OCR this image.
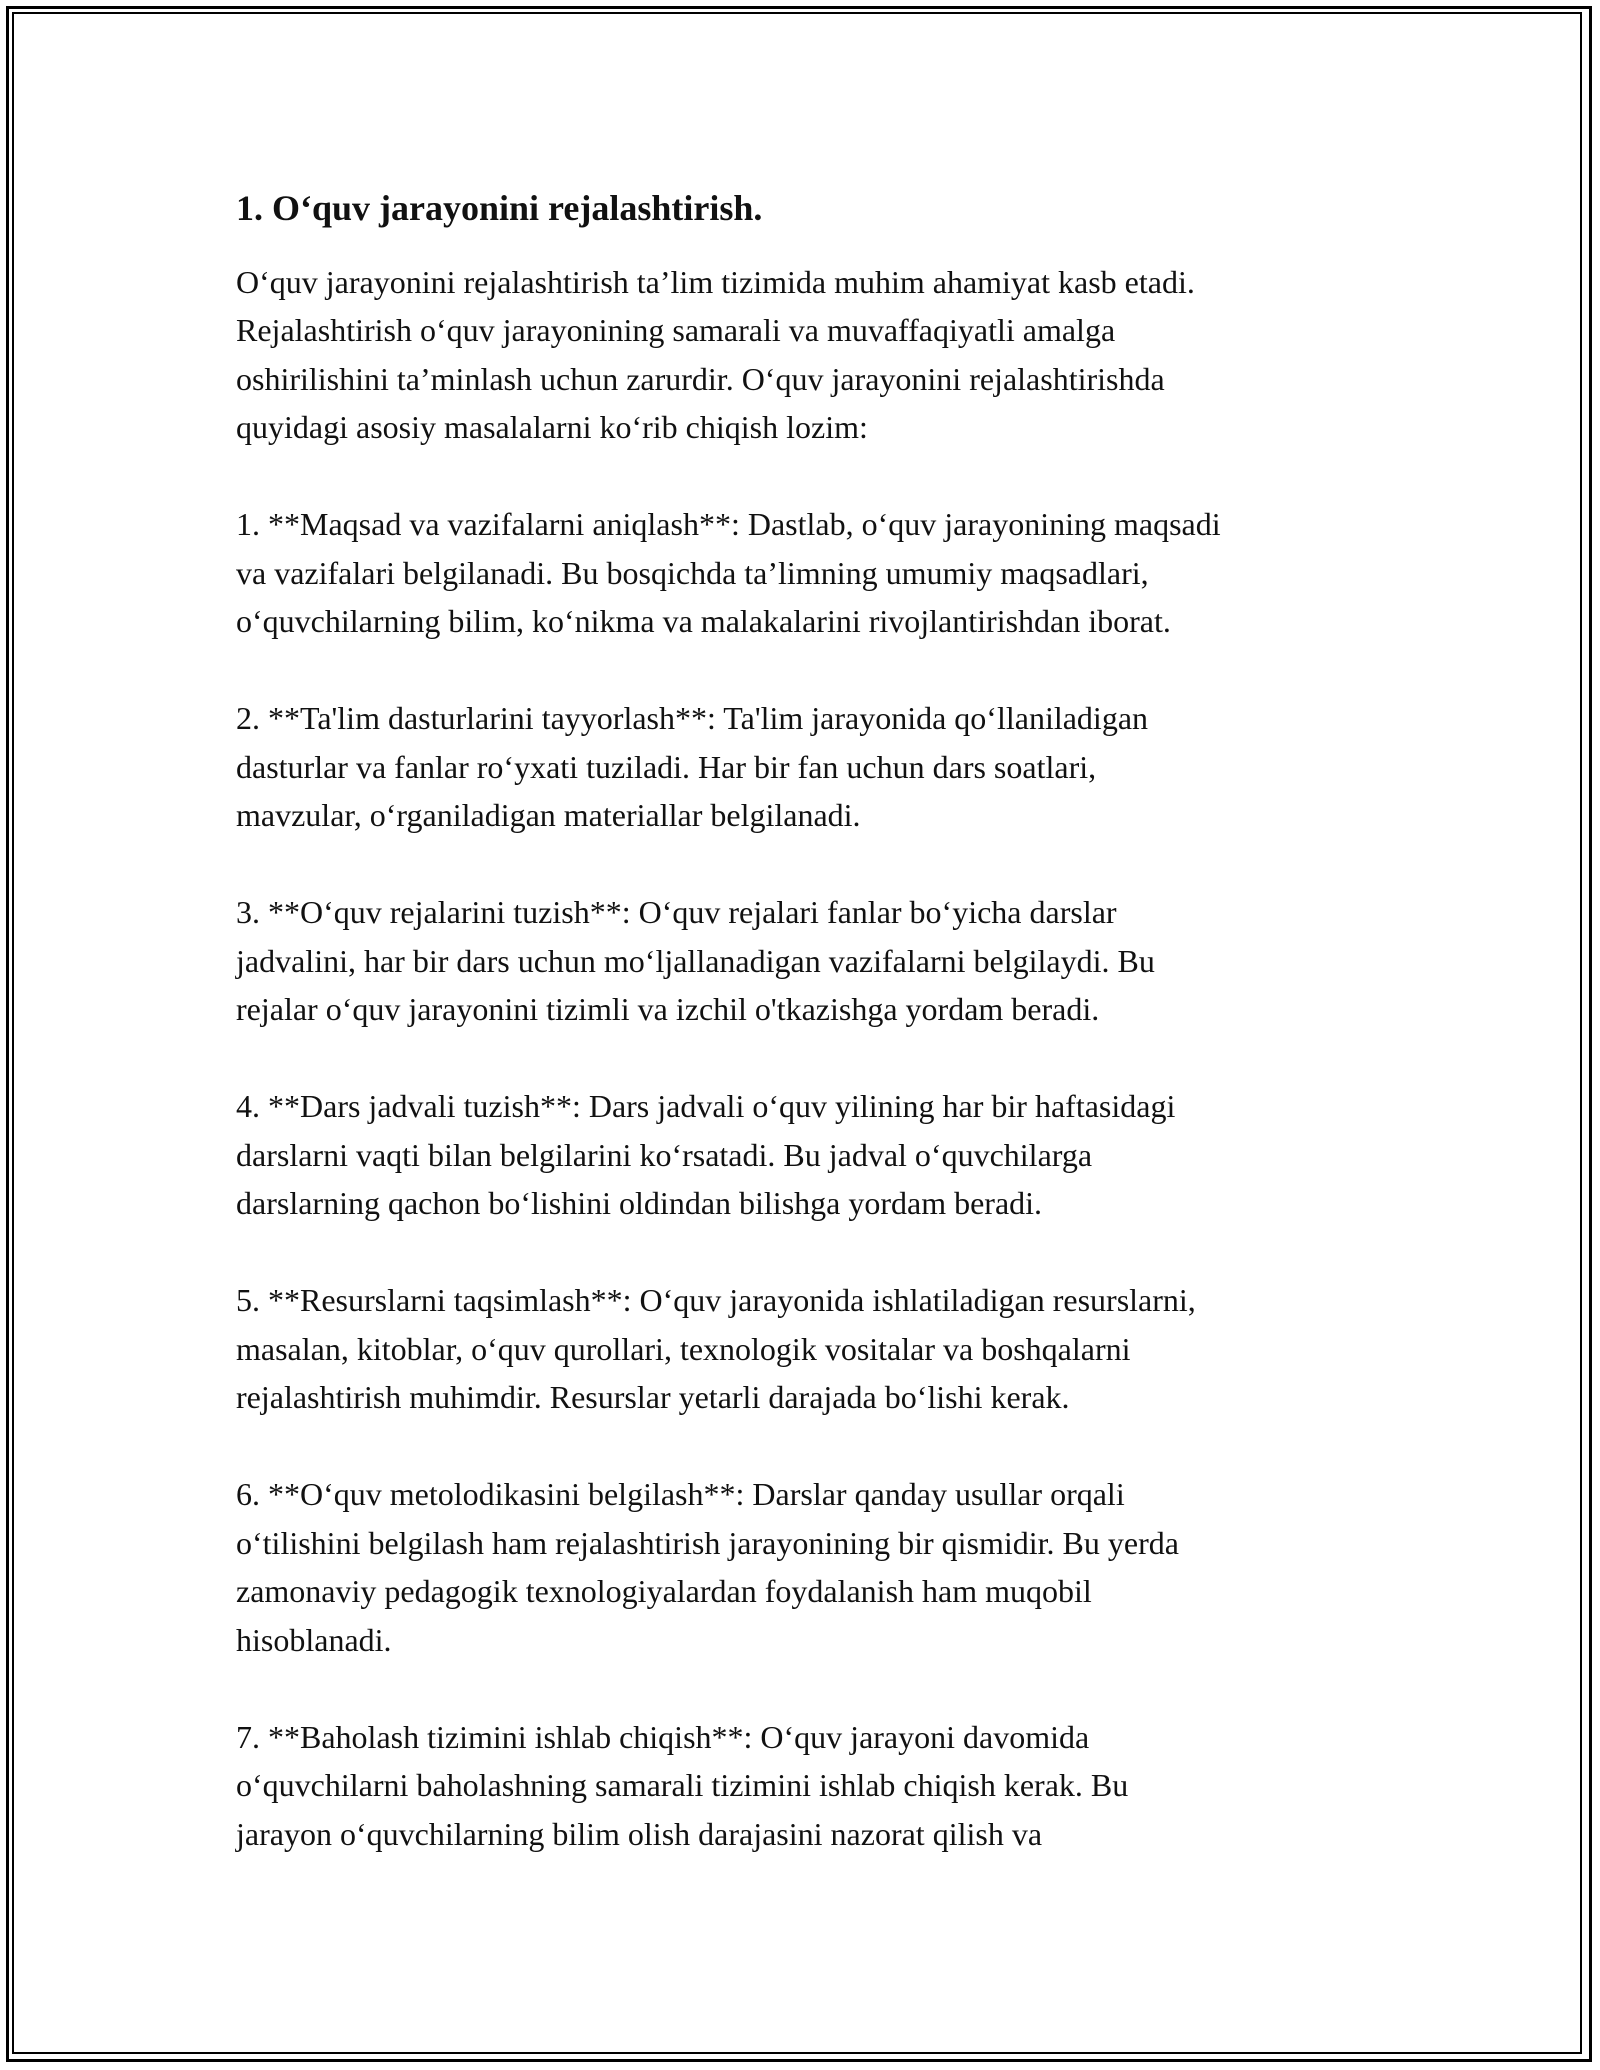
1. O‘quv jarayonini rejalashtirish.
O‘quv jarayonini rejalashtirish ta’lim tizimida muhim ahamiyat kasb etadi.
Rejalashtirish o‘quv jarayonining samarali va muvaffaqiyatli amalga
oshirilishini ta’minlash uchun zarurdir. O‘quv jarayonini rejalashtirishda
quyidagi asosiy masalalarni ko‘rib chiqish lozim:
1. **Maqsad va vazifalarni aniqlash**: Dastlab, o‘quv jarayonining maqsadi
va vazifalari belgilanadi. Bu bosqichda ta’limning umumiy maqsadlari,
o‘quvchilarning bilim, ko‘nikma va malakalarini rivojlantirishdan iborat.
2. **Ta'lim dasturlarini tayyorlash**: Ta'lim jarayonida qo‘llaniladigan
dasturlar va fanlar ro‘yxati tuziladi. Har bir fan uchun dars soatlari,
mavzular, o‘rganiladigan materiallar belgilanadi.
3. **O‘quv rejalarini tuzish**: O‘quv rejalari fanlar bo‘yicha darslar
jadvalini, har bir dars uchun mo‘ljallanadigan vazifalarni belgilaydi. Bu
rejalar o‘quv jarayonini tizimli va izchil o'tkazishga yordam beradi.
4. **Dars jadvali tuzish**: Dars jadvali o‘quv yilining har bir haftasidagi
darslarni vaqti bilan belgilarini ko‘rsatadi. Bu jadval o‘quvchilarga
darslarning qachon bo‘lishini oldindan bilishga yordam beradi.
5. **Resurslarni taqsimlash**: O‘quv jarayonida ishlatiladigan resurslarni,
masalan, kitoblar, o‘quv qurollari, texnologik vositalar va boshqalarni
rejalashtirish muhimdir. Resurslar yetarli darajada bo‘lishi kerak.
6. **O‘quv metolodikasini belgilash**: Darslar qanday usullar orqali
o‘tilishini belgilash ham rejalashtirish jarayonining bir qismidir. Bu yerda
zamonaviy pedagogik texnologiyalardan foydalanish ham muqobil
hisoblanadi.
7. **Baholash tizimini ishlab chiqish**: O‘quv jarayoni davomida
o‘quvchilarni baholashning samarali tizimini ishlab chiqish kerak. Bu
jarayon o‘quvchilarning bilim olish darajasini nazorat qilish va
